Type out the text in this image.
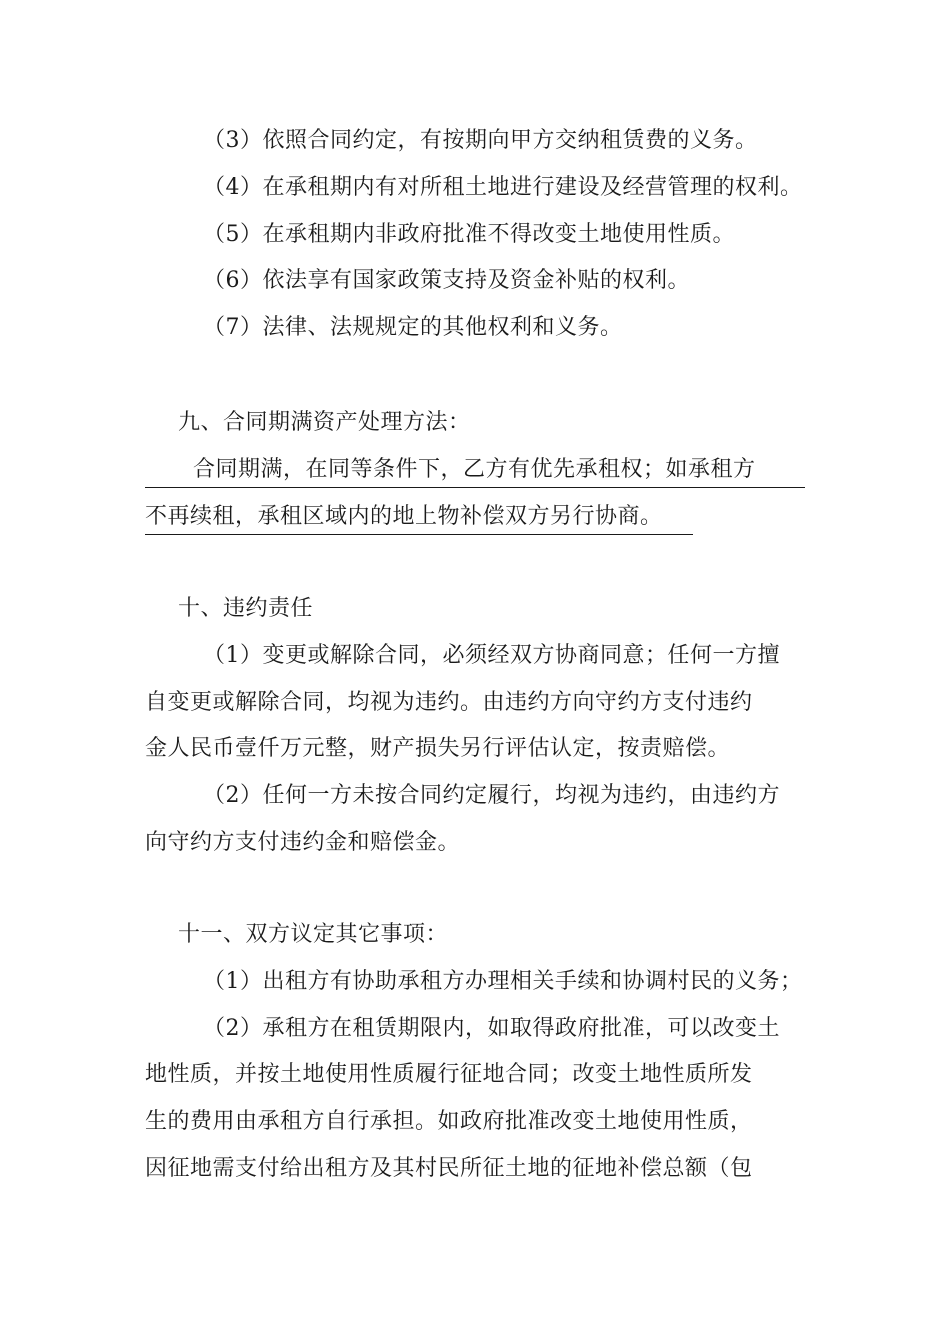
（3）依照合同约定，有按期向甲方交纳租赁费的义务。
（4）在承租期内有对所租土地进行建设及经营管理的权利。
（5）在承租期内非政府批准不得改变土地使用性质。
（6）依法享有国家政策支持及资金补贴的权利。
（7）法律、法规规定的其他权利和义务。
九、合同期满资产处理方法：
合同期满，在同等条件下，乙方有优先承租权；如承租方
不再续租，承租区域内的地上物补偿双方另行协商。
十、违约责任
（1）变更或解除合同，必须经双方协商同意；任何一方擅
自变更或解除合同，均视为违约。由违约方向守约方支付违约
金人民币壹仟万元整，财产损失另行评估认定，按责赔偿。
（2）任何一方未按合同约定履行，均视为违约，由违约方
向守约方支付违约金和赔偿金。
十一、双方议定其它事项：
（1）出租方有协助承租方办理相关手续和协调村民的义务；
（2）承租方在租赁期限内，如取得政府批准，可以改变土
地性质，并按土地使用性质履行征地合同；改变土地性质所发
生的费用由承租方自行承担。如政府批准改变土地使用性质，
因征地需支付给出租方及其村民所征土地的征地补偿总额（包
